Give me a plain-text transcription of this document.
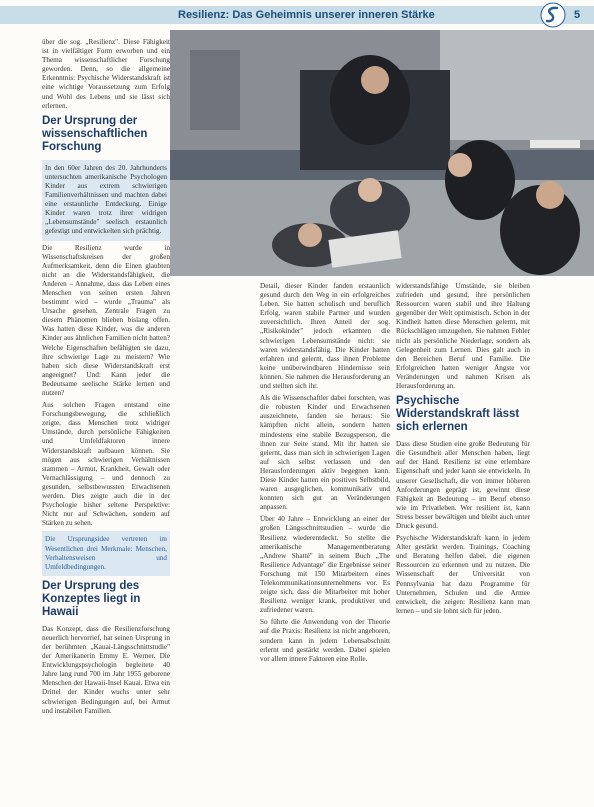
Resilienz: Das Geheimnis unserer inneren Stärke	5

über die sog. „Resilienz". Diese Fähigkeit ist in vielfältiger Form erworben und ein Thema wissenschaftlicher Forschung geworden. Denn, so die allgemeine Erkenntnis: Psychische Widerstandskraft ist eine wichtige Voraussetzung zum Erfolg und Wohl des Lebens und sie lässt sich erlernen.

Der Ursprung der wissenschaftlichen Forschung

In den 60er Jahren des 20. Jahrhunderts untersuchten amerikanische Psychologen Kinder aus extrem schwierigen Familienverhältnissen und machten dabei eine erstaunliche Entdeckung. Einige Kinder waren trotz ihrer widrigen „Lebensumstände" seelisch erstaunlich gefestigt und entwickelten sich prächtig.

Die Resilienz wurde in Wissenschaftskreisen der großen Aufmerksamkeit, denn die Einen glaubten nicht an die Widerstandsfähigkeit, die Anderen – Annahme, dass das Leben eines Menschen von seinen ersten Jahren bestimmt wird – wurde „Trauma" als Ursache gesehen. Zentrale Fragen zu diesem Phänomen blieben bislang offen. Was hatten diese Kinder, was die anderen Kinder aus ähnlichen Familien nicht hatten? Welche Eigenschaften befähigten sie dazu, ihre schwierige Lage zu meistern? Wie haben sich diese Widerstandskraft erst angeeignet? Und: Kann jeder die Bedeutsame seelische Stärke lernen und nutzen?

Aus solchen Fragen entstand eine Forschungsbewegung, die schließlich zeigte, dass Menschen trotz widriger Umstände, durch persönliche Fähigkeiten und Umfeldfaktoren innere Widerstandskraft aufbauen können. Sie mögen aus schwierigen Verhältnissen stammen – Armut, Krankheit, Gewalt oder Vernachlässigung – und dennoch zu gesunden, selbstbewussten Erwachsenen werden. Dies zeigte auch die in der Psychologie bisher seltene Perspektive: Nicht nur auf Schwächen, sondern auf Stärken zu sehen.

Die Ursprungsidee vertreten im Wesentlichen drei Merkmale: Menschen, Verhaltensweisen und Umfeldbedingungen.

Der Ursprung des Konzeptes liegt in Hawaii

Das Konzept, dass die Resilienzforschung neuerlich hervorrief, hat seinen Ursprung in der berühmten „Kauai-Längsschnittstudie" der Amerikanerin Emmy E. Werner. Die Entwicklungspsychologin begleitete 40 Jahre lang rund 700 im Jahr 1955 geborene Menschen der Hawaii-Insel Kauai. Etwa ein Drittel der Kinder wuchs unter sehr schwierigen Bedingungen auf, bei Armut und instabilen Familien.

Detail, dieser Kinder fanden erstaunlich gesund durch den Weg in ein erfolgreiches Leben. Sie hatten schulisch und beruflich Erfolg, waren stabile Partner und wurden zuversichtlich. Ihren Anteil der sog. „Risikokinder" jedoch erkannten die schwierigen Lebensumstände nicht: sie waren widerstandsfähig. Die Kinder hatten erfahren und gelernt, dass ihnen Probleme keine unüberwindbaren Hindernisse sein können. Sie nahmen die Herausforderung an und stellten sich ihr.

Als die Wissenschaftler dabei forschten, was die robusten Kinder und Erwachsenen auszeichnete, fanden sie heraus: Sie kämpften nicht allein, sondern hatten mindestens eine stabile Bezugsperson, die ihnen zur Seite stand. Mit ihr hatten sie gelernt, dass man sich in schwierigen Lagen auf sich selbst verlassen und den Herausforderungen aktiv begegnen kann. Diese Kinder hatten ein positives Selbstbild, waren ausgeglichen, kommunikativ und konnten sich gut an Veränderungen anpassen.

Über 40 Jahre – Entwicklung an einer der großen Längsschnittstudien – wurde die Resilienz wiederentdeckt. So stellte die amerikanische Managementberatung „Andrew Shatté" in seinem Buch „The Resilience Advantage" die Ergebnisse seiner Forschung mit 150 Mitarbeitern eines Telekommunikationsunternehmens vor. Es zeigte sich, dass die Mitarbeiter mit hoher Resilienz weniger krank, produktiver und zufriedener waren.

So führte die Anwendung von der Theorie auf die Praxis: Resilienz ist nicht angeboren, sondern kann in jedem Lebensabschnitt erlernt und gestärkt werden. Dabei spielen vor allem innere Faktoren eine Rolle.

widerstandsfähige Umstände, sie bleiben zufrieden und gesund, ihre persönlichen Ressourcen waren stabil und ihre Haltung gegenüber der Welt optimistisch. Schon in der Kindheit hatten diese Menschen gelernt, mit Rückschlägen umzugehen. Sie nahmen Fehler nicht als persönliche Niederlage, sondern als Gelegenheit zum Lernen. Dies galt auch in den Bereichen Beruf und Familie. Die Erfolgreichen hatten weniger Ängste vor Veränderungen und nahmen Krisen als Herausforderung an.

Psychische Widerstandskraft lässt sich erlernen

Dass diese Studien eine große Bedeutung für die Gesundheit aller Menschen haben, liegt auf der Hand. Resilienz ist eine erlernbare Eigenschaft und jeder kann sie entwickeln. In unserer Gesellschaft, die von immer höheren Anforderungen geprägt ist, gewinnt diese Fähigkeit an Bedeutung – im Beruf ebenso wie im Privatleben. Wer resilient ist, kann Stress besser bewältigen und bleibt auch unter Druck gesund.

Psychische Widerstandskraft kann in jedem Alter gestärkt werden. Trainings, Coaching und Beratung helfen dabei, die eigenen Ressourcen zu erkennen und zu nutzen. Die Wissenschaft der Universität von Pennsylvania hat dazu Programme für Unternehmen, Schulen und die Armee entwickelt, die zeigen: Resilienz kann man lernen – und sie lohnt sich für jeden.
